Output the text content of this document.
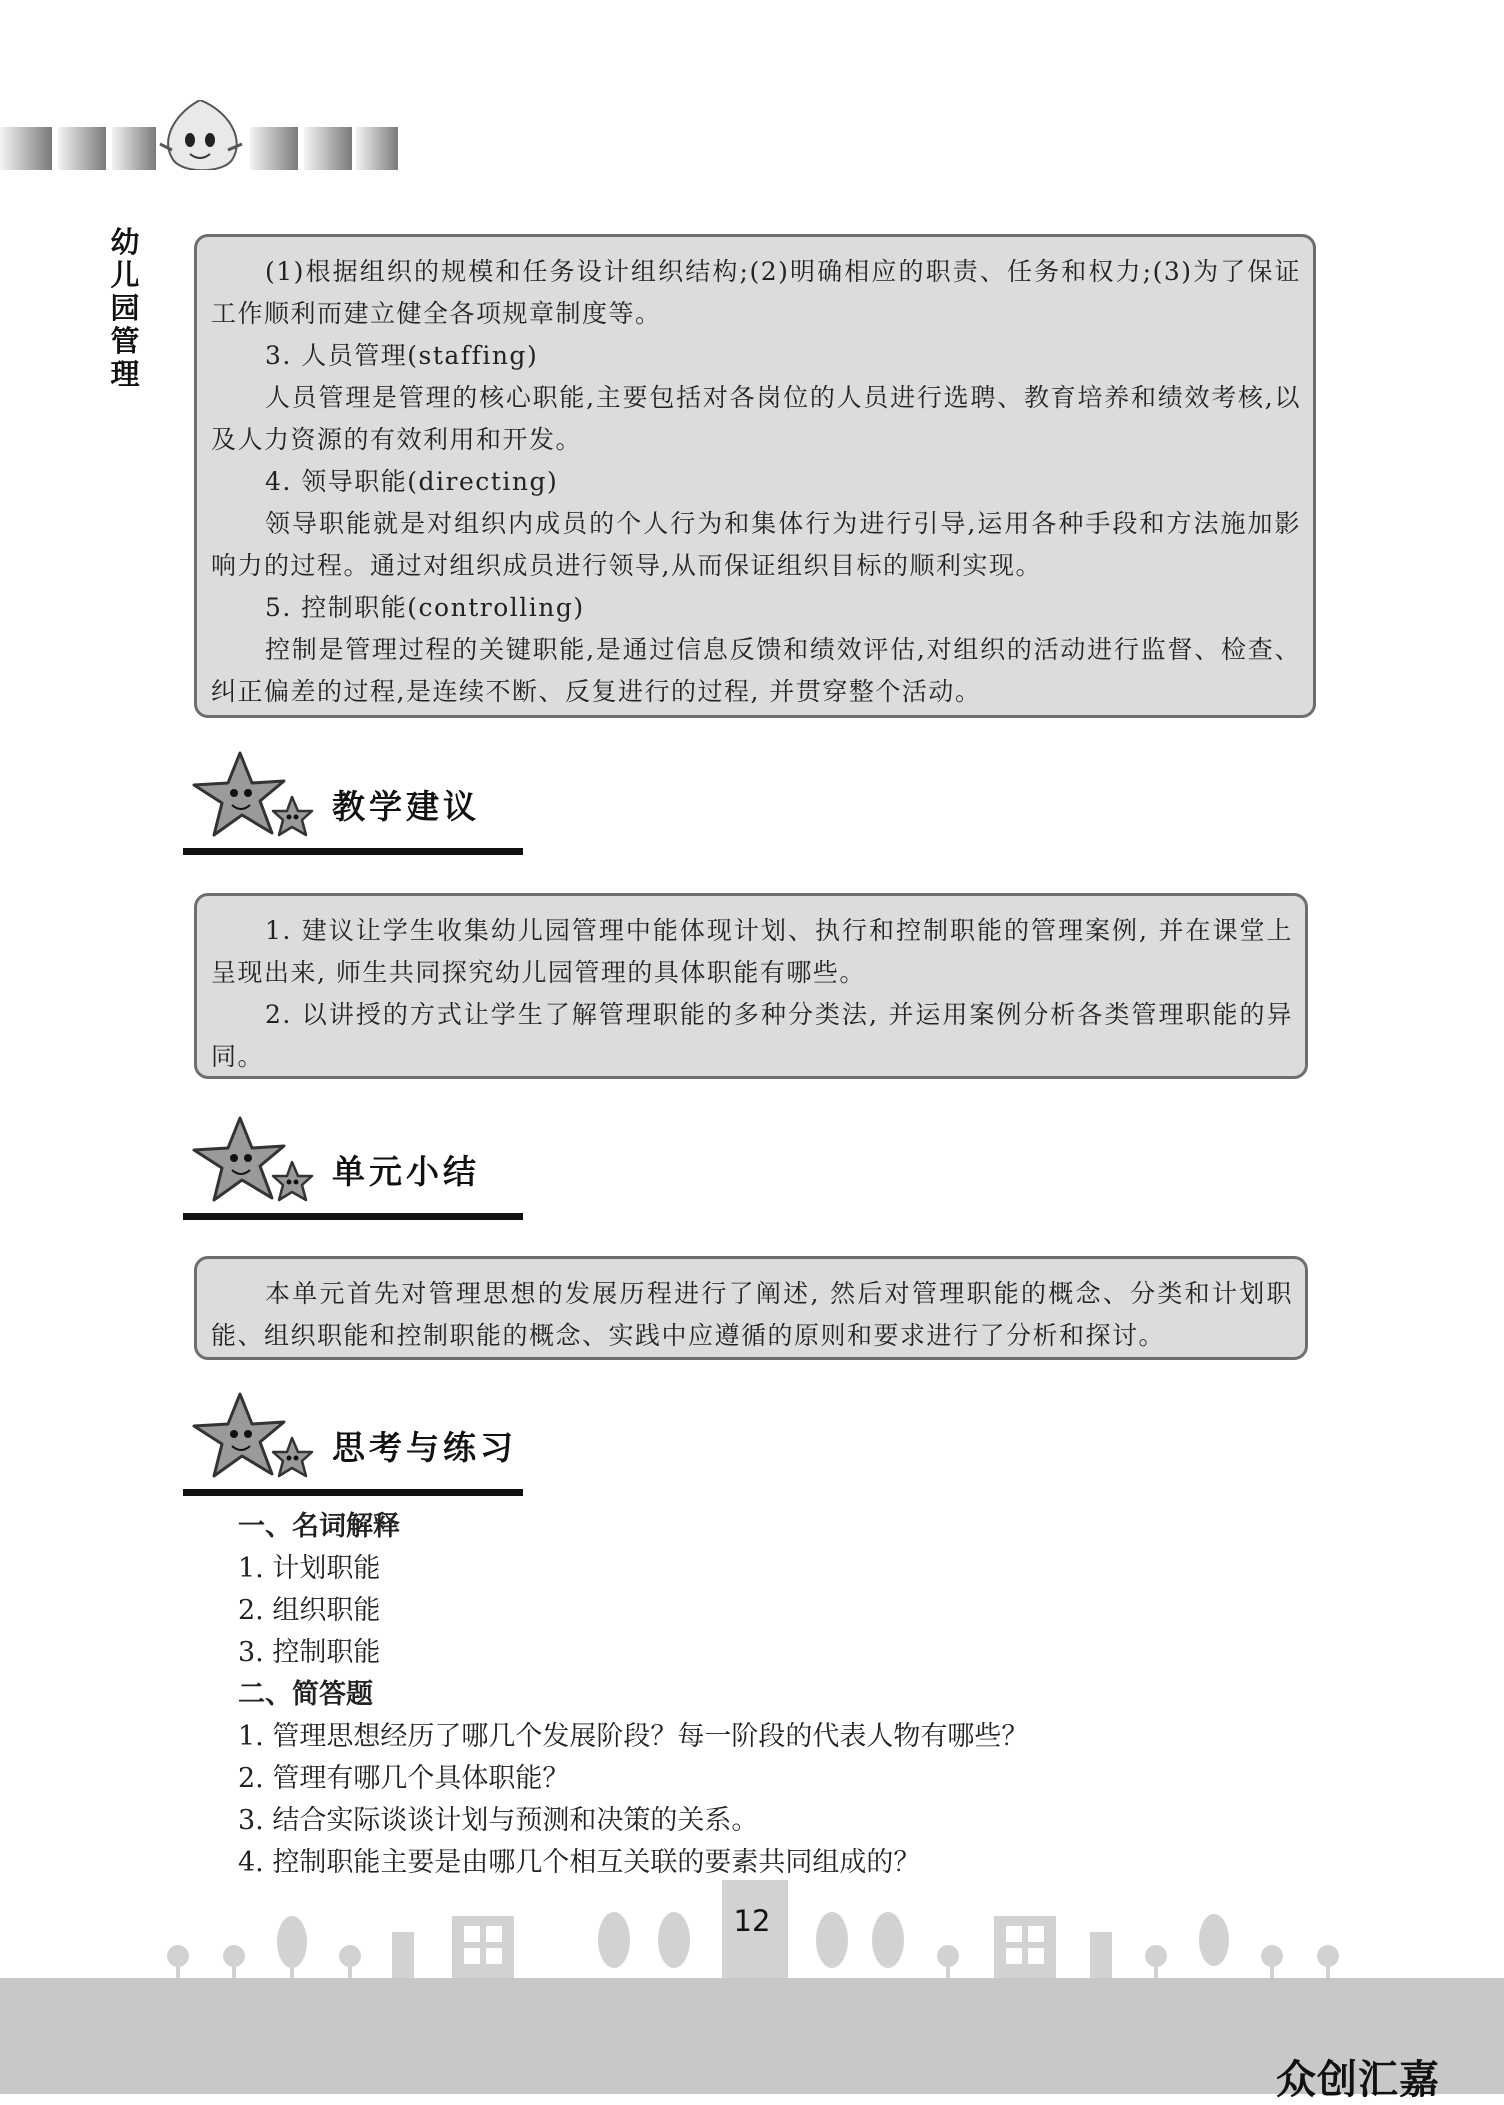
幼
儿
园
管
理

(1)根据组织的规模和任务设计组织结构;(2)明确相应的职责、任务和权力;(3)为了保证工作顺利而建立健全各项规章制度等。

3. 人员管理(staffing)

人员管理是管理的核心职能,主要包括对各岗位的人员进行选聘、教育培养和绩效考核,以及人力资源的有效利用和开发。

4. 领导职能(directing)

领导职能就是对组织内成员的个人行为和集体行为进行引导,运用各种手段和方法施加影响力的过程。通过对组织成员进行领导,从而保证组织目标的顺利实现。

5. 控制职能(controlling)

控制是管理过程的关键职能,是通过信息反馈和绩效评估,对组织的活动进行监督、检查、纠正偏差的过程,是连续不断、反复进行的过程, 并贯穿整个活动。

教学建议

1. 建议让学生收集幼儿园管理中能体现计划、执行和控制职能的管理案例, 并在课堂上呈现出来, 师生共同探究幼儿园管理的具体职能有哪些。

2. 以讲授的方式让学生了解管理职能的多种分类法, 并运用案例分析各类管理职能的异同。

单元小结

本单元首先对管理思想的发展历程进行了阐述, 然后对管理职能的概念、分类和计划职能、组织职能和控制职能的概念、实践中应遵循的原则和要求进行了分析和探讨。

思考与练习

一、名词解释

1. 计划职能

2. 组织职能

3. 控制职能

二、简答题

1. 管理思想经历了哪几个发展阶段？每一阶段的代表人物有哪些？

2. 管理有哪几个具体职能？

3. 结合实际谈谈计划与预测和决策的关系。

4. 控制职能主要是由哪几个相互关联的要素共同组成的？

12
众创汇嘉
